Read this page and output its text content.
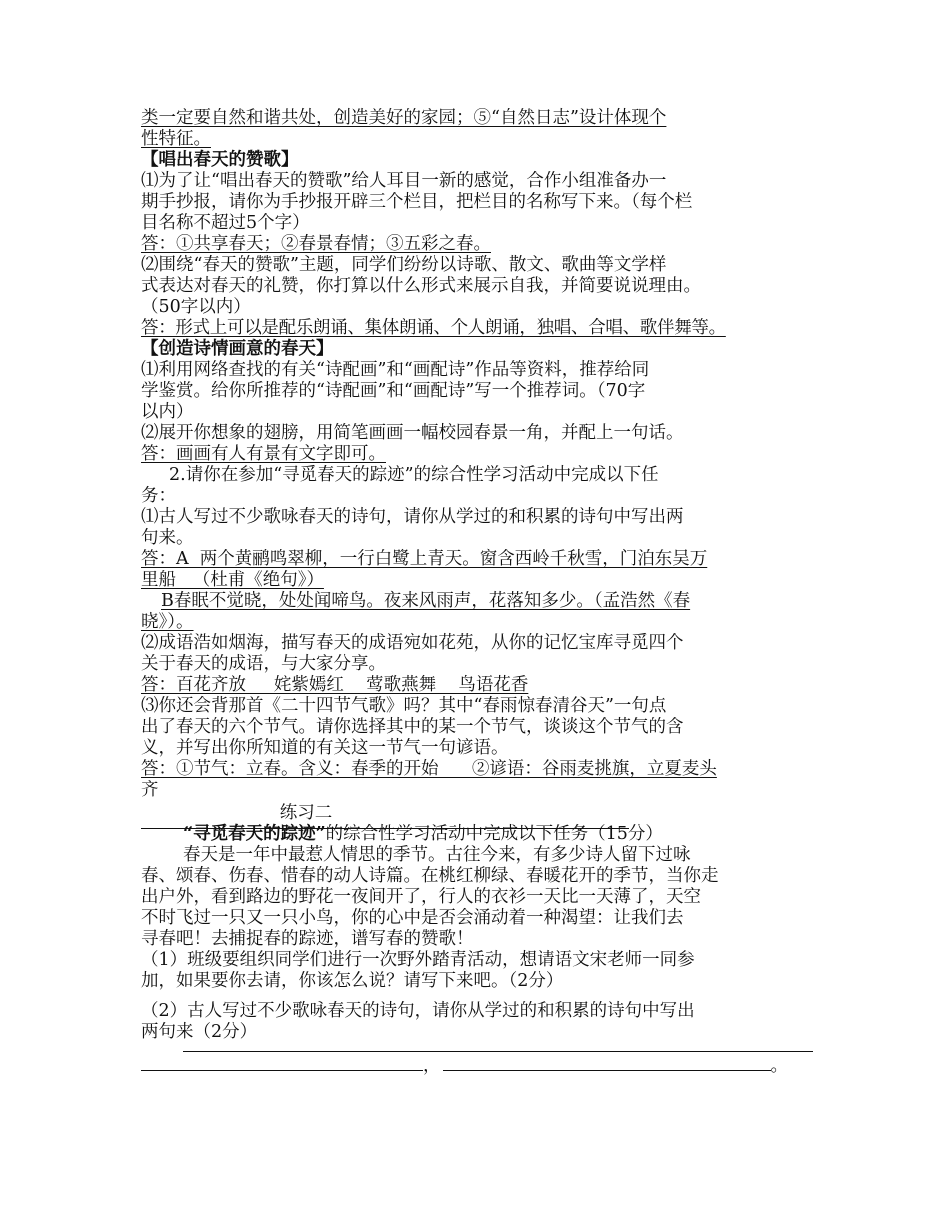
类一定要自然和谐共处，创造美好的家园；⑤“自然日志”设计体现个
性特征。
【唱出春天的赞歌】
⑴为了让“唱出春天的赞歌”给人耳目一新的感觉，合作小组准备办一
期手抄报，请你为手抄报开辟三个栏目，把栏目的名称写下来。（每个栏
目名称不超过5个字）
答：①共享春天；②春景春情；③五彩之春。
⑵围绕“春天的赞歌”主题，同学们纷纷以诗歌、散文、歌曲等文学样
式表达对春天的礼赞，你打算以什么形式来展示自我，并简要说说理由。
（50字以内）
答：形式上可以是配乐朗诵、集体朗诵、个人朗诵，独唱、合唱、歌伴舞等。
【创造诗情画意的春天】
⑴利用网络查找的有关“诗配画”和“画配诗”作品等资料，推荐给同
学鉴赏。给你所推荐的“诗配画”和“画配诗”写一个推荐词。（70字
以内）
⑵展开你想象的翅膀，用简笔画画一幅校园春景一角，并配上一句话。
答：画画有人有景有文字即可。
2.请你在参加“寻觅春天的踪迹”的综合性学习活动中完成以下任
务：
⑴古人写过不少歌咏春天的诗句，请你从学过的和积累的诗句中写出两
句来。
答：A  两个黄鹂鸣翠柳，一行白鹭上青天。窗含西岭千秋雪，门泊东吴万
里船   （杜甫《绝句》）
B春眠不觉晓，处处闻啼鸟。夜来风雨声，花落知多少。（孟浩然《春
晓》）。
⑵成语浩如烟海，描写春天的成语宛如花苑，从你的记忆宝库寻觅四个
关于春天的成语，与大家分享。
答：百花齐放     姹紫嫣红    莺歌燕舞    鸟语花香
⑶你还会背那首《二十四节气歌》吗？其中“春雨惊春清谷天”一句点
出了春天的六个节气。请你选择其中的某一个节气，谈谈这个节气的含
义，并写出你所知道的有关这一节气一句谚语。
答：①节气：立春。含义：春季的开始      ②谚语：谷雨麦挑旗，立夏麦头
齐
练习二
“寻觅春天的踪迹”的综合性学习活动中完成以下任务（15分）
春天是一年中最惹人情思的季节。古往今来，有多少诗人留下过咏
春、颂春、伤春、惜春的动人诗篇。在桃红柳绿、春暖花开的季节，当你走
出户外，看到路边的野花一夜间开了，行人的衣衫一天比一天薄了，天空
不时飞过一只又一只小鸟，你的心中是否会涌动着一种渴望：让我们去
寻春吧！去捕捉春的踪迹，谱写春的赞歌！
（1）班级要组织同学们进行一次野外踏青活动，想请语文宋老师一同参
加，如果要你去请，你该怎么说？请写下来吧。（2分）
（2）古人写过不少歌咏春天的诗句，请你从学过的和积累的诗句中写出
两句来（2分）
，	。
